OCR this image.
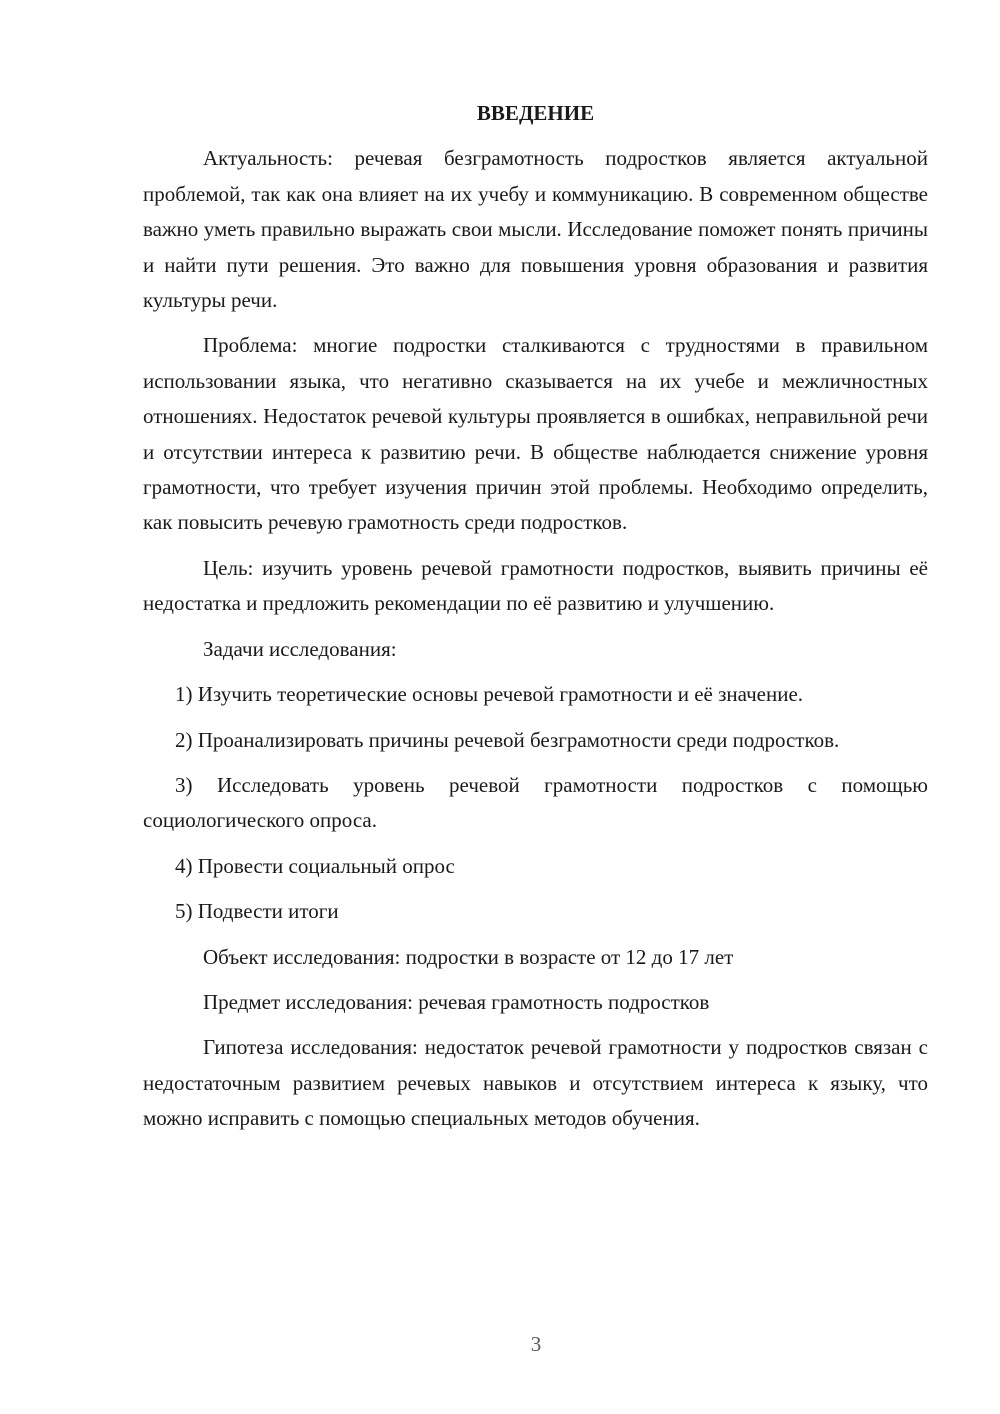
ВВЕДЕНИЕ

Актуальность: речевая безграмотность подростков является актуальной проблемой, так как она влияет на их учебу и коммуникацию. В современном обществе важно уметь правильно выражать свои мысли. Исследование поможет понять причины и найти пути решения. Это важно для повышения уровня образования и развития культуры речи.

Проблема: многие подростки сталкиваются с трудностями в правильном использовании языка, что негативно сказывается на их учебе и межличностных отношениях. Недостаток речевой культуры проявляется в ошибках, неправильной речи и отсутствии интереса к развитию речи. В обществе наблюдается снижение уровня грамотности, что требует изучения причин этой проблемы. Необходимо определить, как повысить речевую грамотность среди подростков.

Цель: изучить уровень речевой грамотности подростков, выявить причины её недостатка и предложить рекомендации по её развитию и улучшению.

Задачи исследования:

1) Изучить теоретические основы речевой грамотности и её значение.

2) Проанализировать причины речевой безграмотности среди подростков.

3) Исследовать уровень речевой грамотности подростков с помощью социологического опроса.

4) Провести социальный опрос

5) Подвести итоги

Объект исследования: подростки в возрасте от 12 до 17 лет

Предмет исследования: речевая грамотность подростков

Гипотеза исследования: недостаток речевой грамотности у подростков связан с недостаточным развитием речевых навыков и отсутствием интереса к языку, что можно исправить с помощью специальных методов обучения.

3
